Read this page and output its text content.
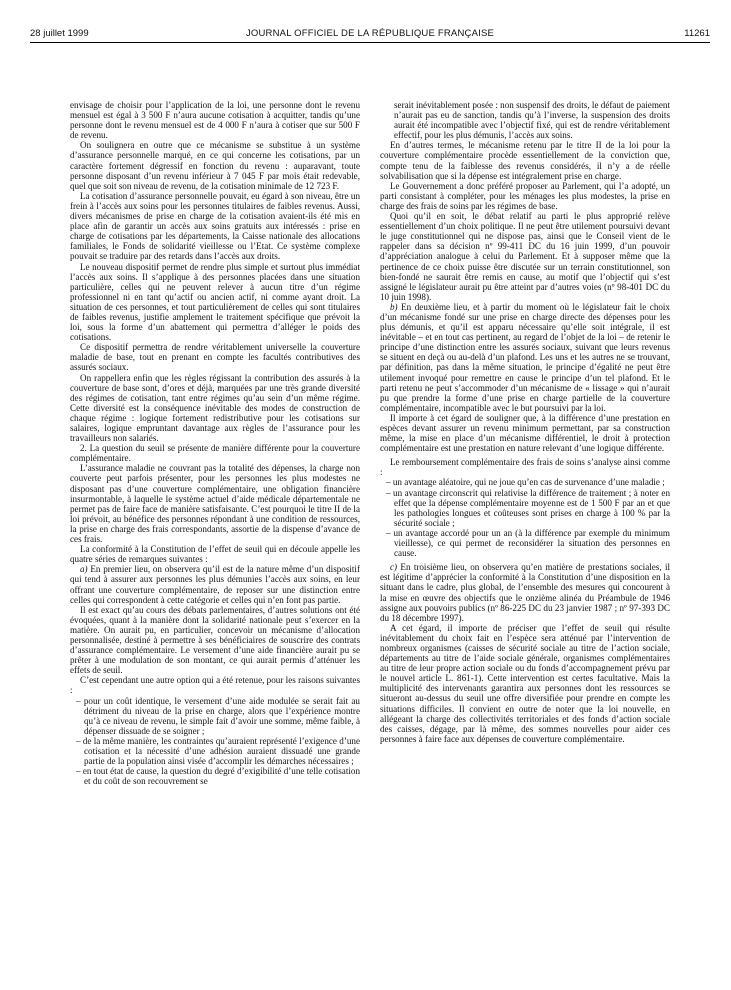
28 juillet 1999	JOURNAL OFFICIEL DE LA RÉPUBLIQUE FRANÇAISE	11261

envisage de choisir pour l’application de la loi, une personne dont le revenu mensuel est égal à 3 500 F n’aura aucune cotisation à acquitter, tandis qu’une personne dont le revenu mensuel est de 4 000 F n’aura à cotiser que sur 500 F de revenu.

On soulignera en outre que ce mécanisme se substitue à un système d’assurance personnelle marqué, en ce qui concerne les cotisations, par un caractère fortement dégressif en fonction du revenu : auparavant, toute personne disposant d’un revenu inférieur à 7 045 F par mois était redevable, quel que soit son niveau de revenu, de la cotisation minimale de 12 723 F.

La cotisation d’assurance personnelle pouvait, eu égard à son niveau, être un frein à l’accès aux soins pour les personnes titulaires de faibles revenus. Aussi, divers mécanismes de prise en charge de la cotisation avaient-ils été mis en place afin de garantir un accès aux soins gratuits aux intéressés : prise en charge de cotisations par les départements, la Caisse nationale des allocations familiales, le Fonds de solidarité vieillesse ou l’Etat. Ce système complexe pouvait se traduire par des retards dans l’accès aux droits.

Le nouveau dispositif permet de rendre plus simple et surtout plus immédiat l’accès aux soins. Il s’applique à des personnes placées dans une situation particulière, celles qui ne peuvent relever à aucun titre d’un régime professionnel ni en tant qu’actif ou ancien actif, ni comme ayant droit. La situation de ces personnes, et tout particulièrement de celles qui sont titulaires de faibles revenus, justifie amplement le traitement spécifique que prévoit la loi, sous la forme d’un abattement qui permettra d’alléger le poids des cotisations.

Ce dispositif permettra de rendre véritablement universelle la couverture maladie de base, tout en prenant en compte les facultés contributives des assurés sociaux.

On rappellera enfin que les règles régissant la contribution des assurés à la couverture de base sont, d’ores et déjà, marquées par une très grande diversité des régimes de cotisation, tant entre régimes qu’au sein d’un même régime. Cette diversité est la conséquence inévitable des modes de construction de chaque régime : logique fortement redistributive pour les cotisations sur salaires, logique empruntant davantage aux règles de l’assurance pour les travailleurs non salariés.

2. La question du seuil se présente de manière différente pour la couverture complémentaire.

L’assurance maladie ne couvrant pas la totalité des dépenses, la charge non couverte peut parfois présenter, pour les personnes les plus modestes ne disposant pas d’une couverture complémentaire, une obligation financière insurmontable, à laquelle le système actuel d’aide médicale départementale ne permet pas de faire face de manière satisfaisante. C’est pourquoi le titre II de la loi prévoit, au bénéfice des personnes répondant à une condition de ressources, la prise en charge des frais correspondants, assortie de la dispense d’avance de ces frais.

La conformité à la Constitution de l’effet de seuil qui en découle appelle les quatre séries de remarques suivantes :

a) En premier lieu, on observera qu’il est de la nature même d’un dispositif qui tend à assurer aux personnes les plus démunies l’accès aux soins, en leur offrant une couverture complémentaire, de reposer sur une distinction entre celles qui correspondent à cette catégorie et celles qui n’en font pas partie.

Il est exact qu’au cours des débats parlementaires, d’autres solutions ont été évoquées, quant à la manière dont la solidarité nationale peut s’exercer en la matière. On aurait pu, en particulier, concevoir un mécanisme d’allocation personnalisée, destiné à permettre à ses bénéficiaires de souscrire des contrats d’assurance complémentaire. Le versement d’une aide financière aurait pu se prêter à une modulation de son montant, ce qui aurait permis d’atténuer les effets de seuil.

C’est cependant une autre option qui a été retenue, pour les raisons suivantes :

– pour un coût identique, le versement d’une aide modulée se serait fait au détriment du niveau de la prise en charge, alors que l’expérience montre qu’à ce niveau de revenu, le simple fait d’avoir une somme, même faible, à dépenser dissuade de se soigner ;
– de la même manière, les contraintes qu’auraient représenté l’exigence d’une cotisation et la nécessité d’une adhésion auraient dissuadé une grande partie de la population ainsi visée d’accomplir les démarches nécessaires ;
– en tout état de cause, la question du degré d’exigibilité d’une telle cotisation et du coût de son recouvrement se

serait inévitablement posée : non suspensif des droits, le défaut de paiement n’aurait pas eu de sanction, tandis qu’à l’inverse, la suspension des droits aurait été incompatible avec l’objectif fixé, qui est de rendre véritablement effectif, pour les plus démunis, l’accès aux soins.

En d’autres termes, le mécanisme retenu par le titre II de la loi pour la couverture complémentaire procède essentiellement de la conviction que, compte tenu de la faiblesse des revenus considérés, il n’y a de réelle solvabilisation que si la dépense est intégralement prise en charge.

Le Gouvernement a donc préféré proposer au Parlement, qui l’a adopté, un parti consistant à compléter, pour les ménages les plus modestes, la prise en charge des frais de soins par les régimes de base.

Quoi qu’il en soit, le débat relatif au parti le plus approprié relève essentiellement d’un choix politique. Il ne peut être utilement poursuivi devant le juge constitutionnel qui ne dispose pas, ainsi que le Conseil vient de le rappeler dans sa décision nº 99-411 DC du 16 juin 1999, d’un pouvoir d’appréciation analogue à celui du Parlement. Et à supposer même que la pertinence de ce choix puisse être discutée sur un terrain constitutionnel, son bien-fondé ne saurait être remis en cause, au motif que l’objectif qui s’est assigné le législateur aurait pu être atteint par d’autres voies (nº 98-401 DC du 10 juin 1998).

b) En deuxième lieu, et à partir du moment où le législateur fait le choix d’un mécanisme fondé sur une prise en charge directe des dépenses pour les plus démunis, et qu’il est apparu nécessaire qu’elle soit intégrale, il est inévitable – et en tout cas pertinent, au regard de l’objet de la loi – de retenir le principe d’une distinction entre les assurés sociaux, suivant que leurs revenus se situent en deçà ou au-delà d’un plafond. Les uns et les autres ne se trouvant, par définition, pas dans la même situation, le principe d’égalité ne peut être utilement invoqué pour remettre en cause le principe d’un tel plafond. Et le parti retenu ne peut s’accommoder d’un mécanisme de « lissage » qui n’aurait pu que prendre la forme d’une prise en charge partielle de la couverture complémentaire, incompatible avec le but poursuivi par la loi.

Il importe à cet égard de souligner que, à la différence d’une prestation en espèces devant assurer un revenu minimum permettant, par sa construction même, la mise en place d’un mécanisme différentiel, le droit à protection complémentaire est une prestation en nature relevant d’une logique différente.

Le remboursement complémentaire des frais de soins s’analyse ainsi comme :

– un avantage aléatoire, qui ne joue qu’en cas de survenance d’une maladie ;
– un avantage circonscrit qui relativise la différence de traitement ; à noter en effet que la dépense complémentaire moyenne est de 1 500 F par an et que les pathologies longues et coûteuses sont prises en charge à 100 % par la sécurité sociale ;
– un avantage accordé pour un an (à la différence par exemple du minimum vieillesse), ce qui permet de reconsidérer la situation des personnes en cause.

c) En troisième lieu, on observera qu’en matière de prestations sociales, il est légitime d’apprécier la conformité à la Constitution d’une disposition en la situant dans le cadre, plus global, de l’ensemble des mesures qui concourent à la mise en œuvre des objectifs que le onzième alinéa du Préambule de 1946 assigne aux pouvoirs publics (nº 86-225 DC du 23 janvier 1987 ; nº 97-393 DC du 18 décembre 1997).

A cet égard, il importe de préciser que l’effet de seuil qui résulte inévitablement du choix fait en l’espèce sera atténué par l’intervention de nombreux organismes (caisses de sécurité sociale au titre de l’action sociale, départements au titre de l’aide sociale générale, organismes complémentaires au titre de leur propre action sociale ou du fonds d’accompagnement prévu par le nouvel article L. 861-1). Cette intervention est certes facultative. Mais la multiplicité des intervenants garantira aux personnes dont les ressources se situeront au-dessus du seuil une offre diversifiée pour prendre en compte les situations difficiles. Il convient en outre de noter que la loi nouvelle, en allégeant la charge des collectivités territoriales et des fonds d’action sociale des caisses, dégage, par là même, des sommes nouvelles pour aider ces personnes à faire face aux dépenses de couverture complémentaire.
